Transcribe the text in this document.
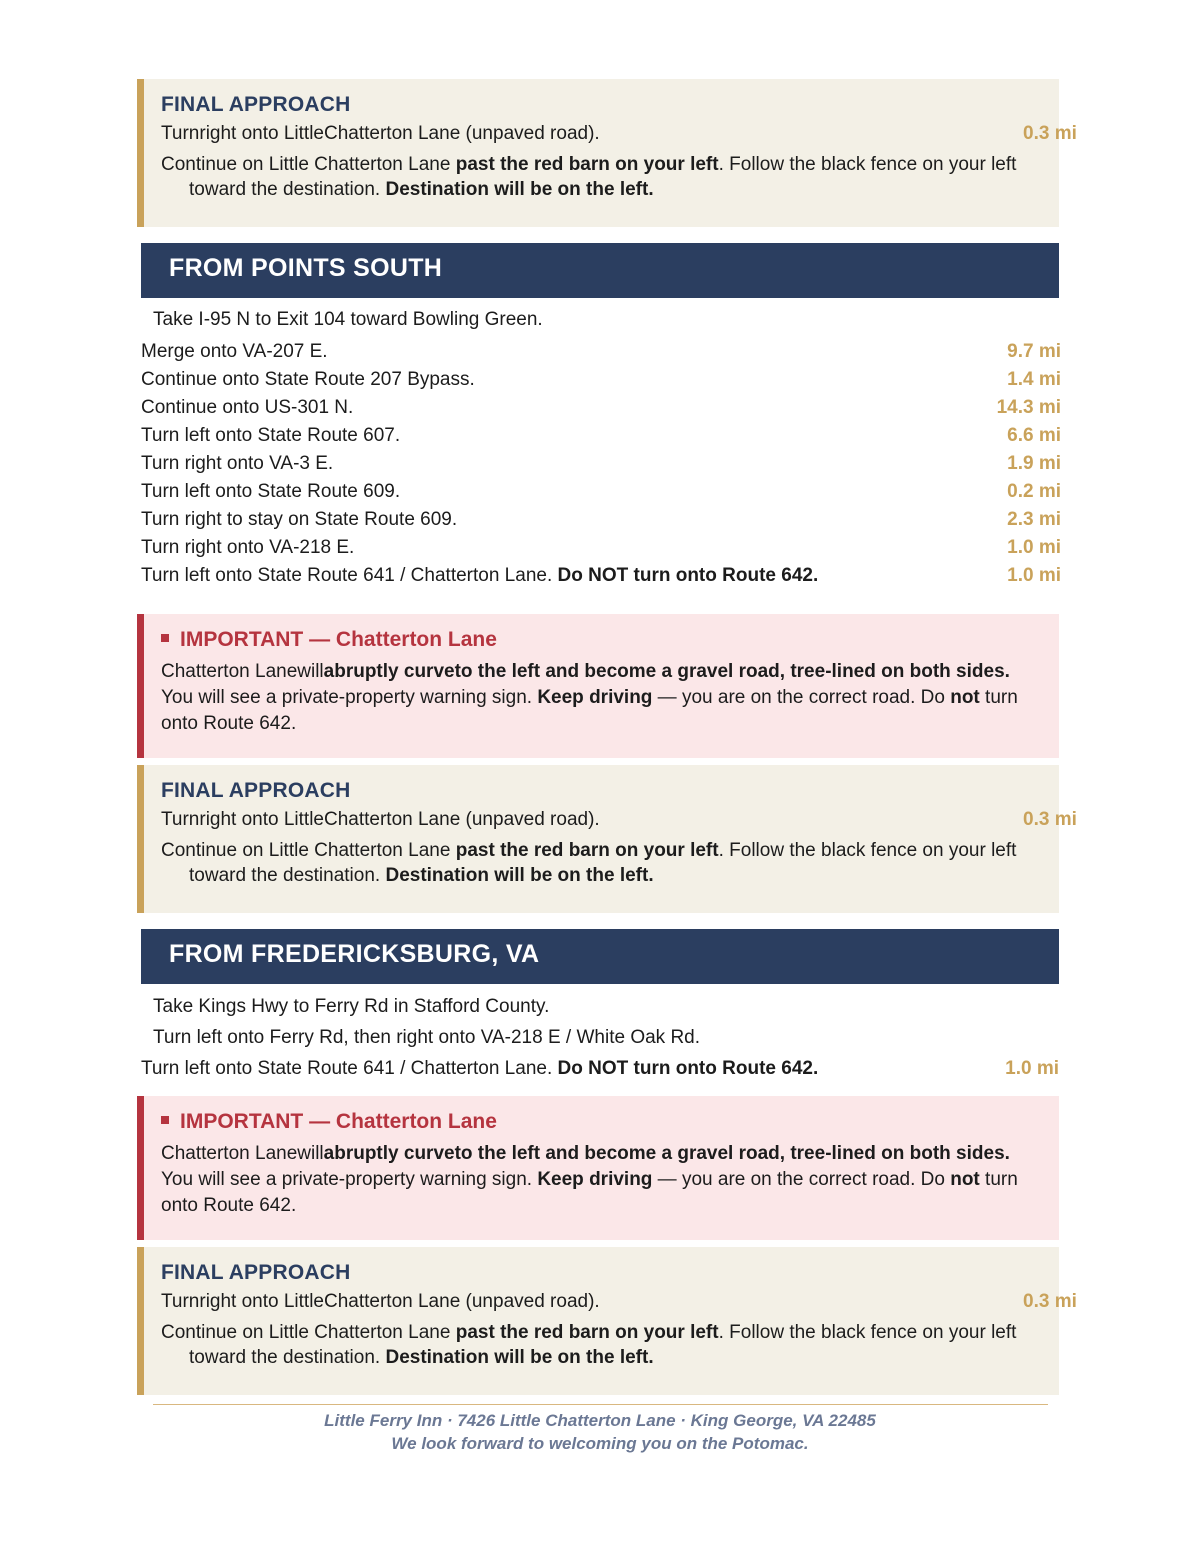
FINAL APPROACH
Turnright onto LittleChatterton Lane (unpaved road).	0.3 mi
Continue on Little Chatterton Lane past the red barn on your left. Follow the black fence on your left
toward the destination. Destination will be on the left.
FROM POINTS SOUTH
Take I-95 N to Exit 104 toward Bowling Green.
Merge onto VA-207 E.	9.7 mi
Continue onto State Route 207 Bypass.	1.4 mi
Continue onto US-301 N.	14.3 mi
Turn left onto State Route 607.	6.6 mi
Turn right onto VA-3 E.	1.9 mi
Turn left onto State Route 609.	0.2 mi
Turn right to stay on State Route 609.	2.3 mi
Turn right onto VA-218 E.	1.0 mi
Turn left onto State Route 641 / Chatterton Lane. Do NOT turn onto Route 642.	1.0 mi
IMPORTANT — Chatterton Lane
Chatterton Lanewillabruptly curveto the left and become a gravel road, tree-lined on both sides.
You will see a private-property warning sign. Keep driving — you are on the correct road. Do not turn
onto Route 642.
FINAL APPROACH
Turnright onto LittleChatterton Lane (unpaved road).	0.3 mi
Continue on Little Chatterton Lane past the red barn on your left. Follow the black fence on your left
toward the destination. Destination will be on the left.
FROM FREDERICKSBURG, VA
Take Kings Hwy to Ferry Rd in Stafford County.
Turn left onto Ferry Rd, then right onto VA-218 E / White Oak Rd.
Turn left onto State Route 641 / Chatterton Lane. Do NOT turn onto Route 642.	1.0 mi
IMPORTANT — Chatterton Lane
Chatterton Lanewillabruptly curveto the left and become a gravel road, tree-lined on both sides.
You will see a private-property warning sign. Keep driving — you are on the correct road. Do not turn
onto Route 642.
FINAL APPROACH
Turnright onto LittleChatterton Lane (unpaved road).	0.3 mi
Continue on Little Chatterton Lane past the red barn on your left. Follow the black fence on your left
toward the destination. Destination will be on the left.
Little Ferry Inn · 7426 Little Chatterton Lane · King George, VA 22485
We look forward to welcoming you on the Potomac.
